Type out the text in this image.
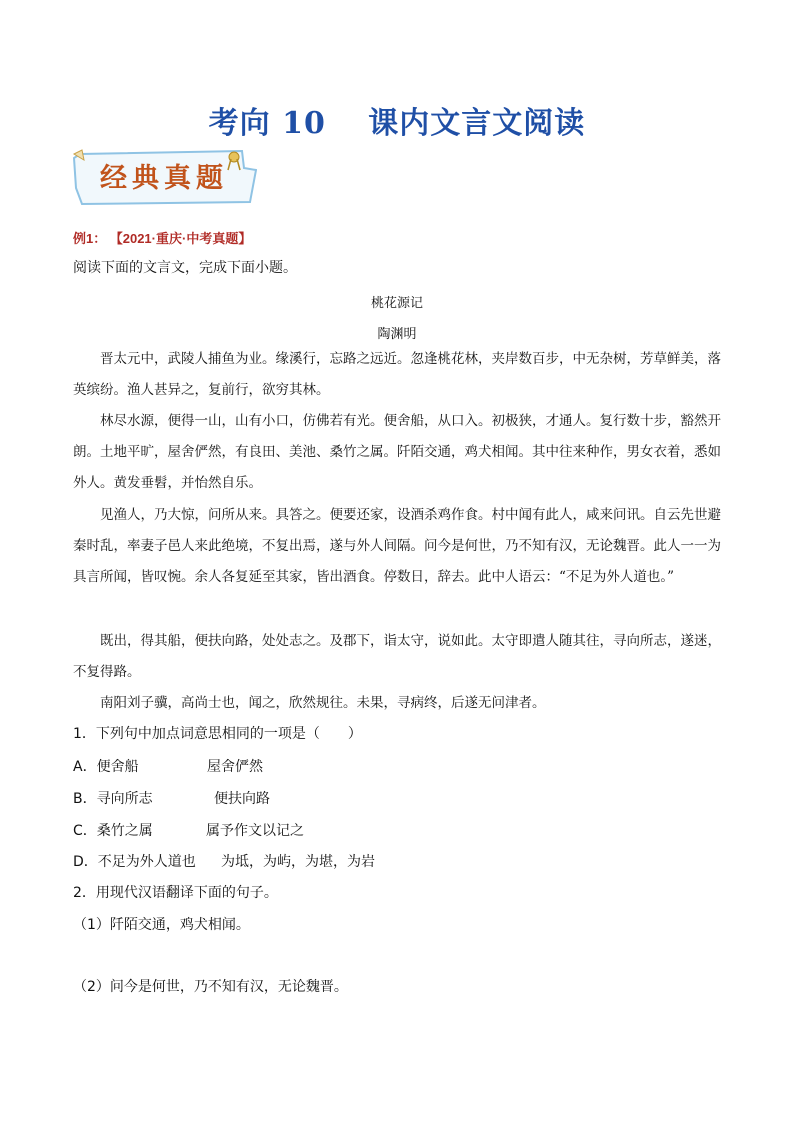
考向 10　 课内文言文阅读
经典真题
例1： 【2021·重庆·中考真题】
阅读下面的文言文，完成下面小题。
桃花源记
陶渊明
晋太元中，武陵人捕鱼为业。缘溪行，忘路之远近。忽逢桃花林，夹岸数百步，中无杂树，芳草鲜美，落英缤纷。渔人甚异之，复前行，欲穷其林。
林尽水源，便得一山，山有小口，仿佛若有光。便舍船，从口入。初极狭，才通人。复行数十步，豁然开朗。土地平旷，屋舍俨然，有良田、美池、桑竹之属。阡陌交通，鸡犬相闻。其中往来种作，男女衣着，悉如外人。黄发垂髫，并怡然自乐。
见渔人，乃大惊，问所从来。具答之。便要还家，设酒杀鸡作食。村中闻有此人，咸来问讯。自云先世避秦时乱，率妻子邑人来此绝境，不复出焉，遂与外人间隔。问今是何世，乃不知有汉，无论魏晋。此人一一为具言所闻，皆叹惋。余人各复延至其家，皆出酒食。停数日，辞去。此中人语云：“不足为外人道也。”
既出，得其船，便扶向路，处处志之。及郡下，诣太守，说如此。太守即遣人随其往，寻向所志，遂迷，不复得路。
南阳刘子骥，高尚士也，闻之，欣然规往。未果，寻病终，后遂无问津者。
1．下列句中加点词意思相同的一项是（　　）
A．便舍船	屋舍俨然
B．寻向所志	便扶向路
C．桑竹之属	属予作文以记之
D．不足为外人道也 为坻，为屿，为堪，为岩
2．用现代汉语翻译下面的句子。
（1）阡陌交通，鸡犬相闻。
（2）问今是何世，乃不知有汉，无论魏晋。
